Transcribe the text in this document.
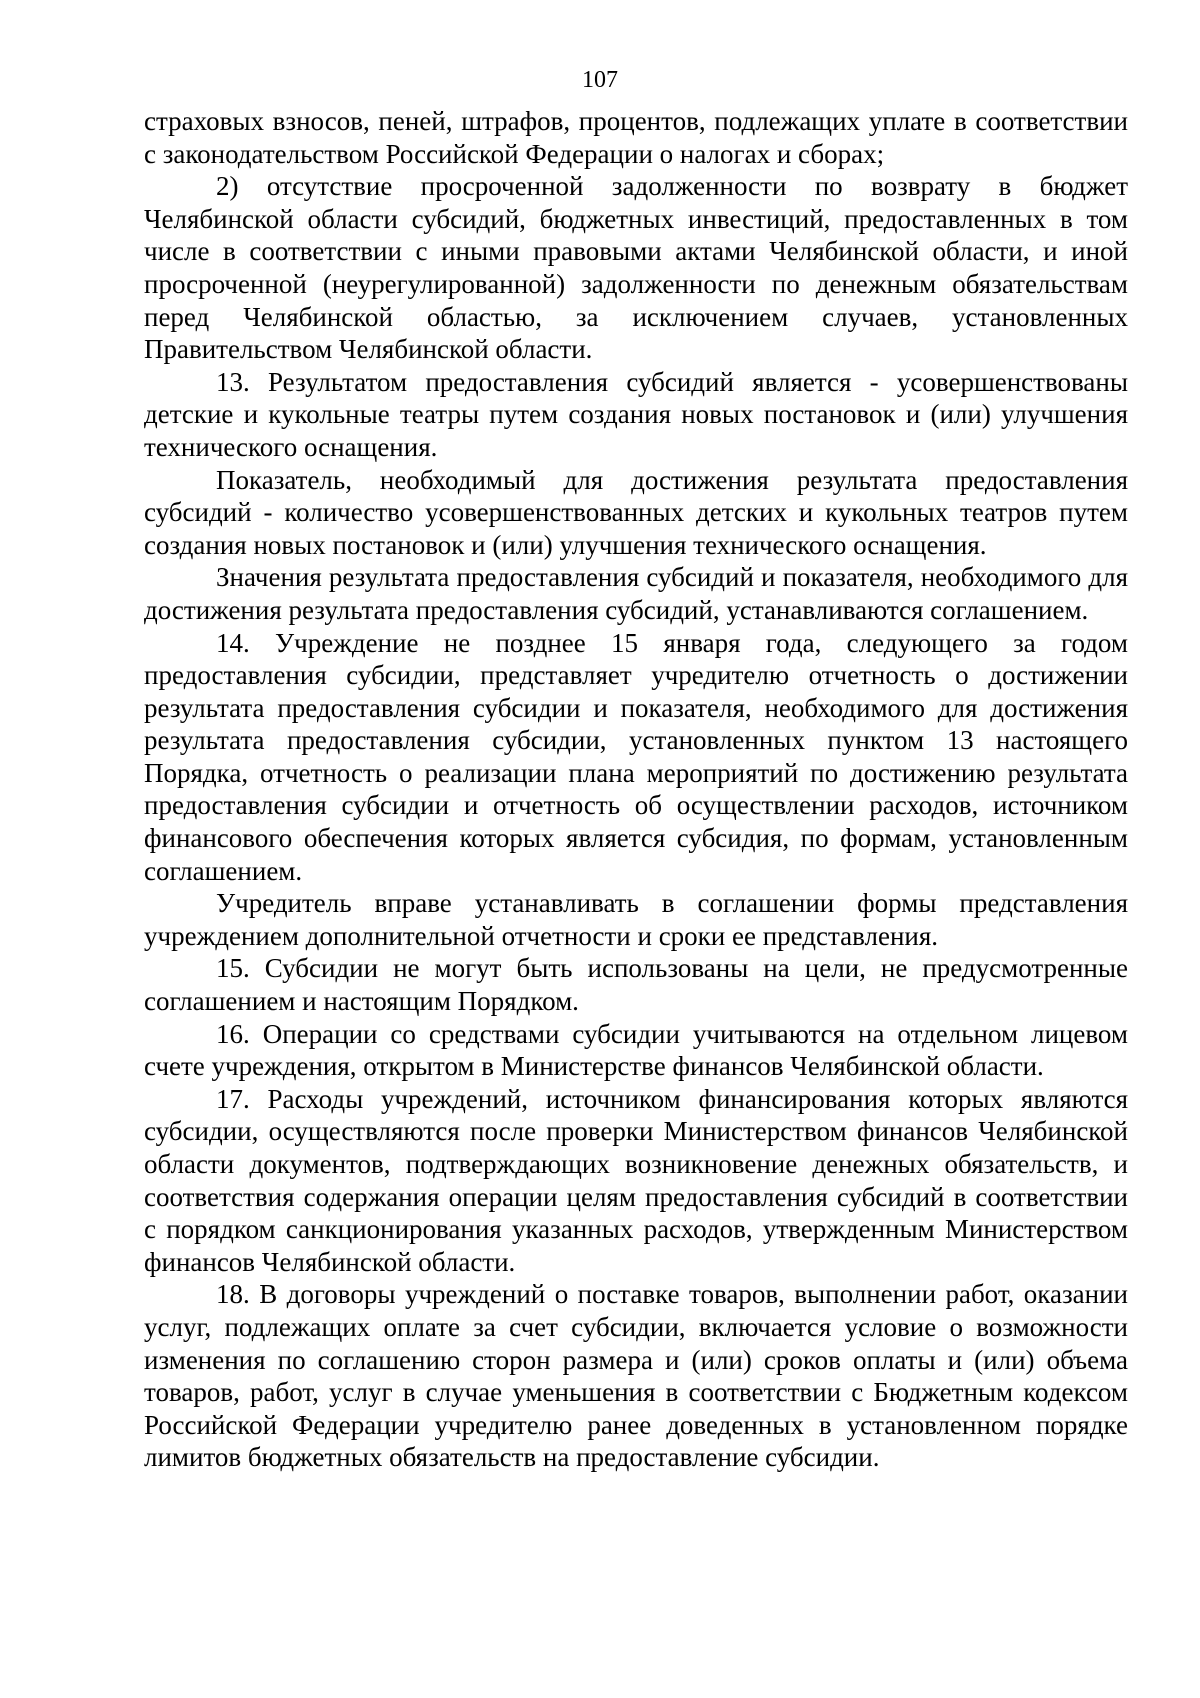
107

страховых взносов, пеней, штрафов, процентов, подлежащих уплате в соответствии с законодательством Российской Федерации о налогах и сборах;

2) отсутствие просроченной задолженности по возврату в бюджет Челябинской области субсидий, бюджетных инвестиций, предоставленных в том числе в соответствии с иными правовыми актами Челябинской области, и иной просроченной (неурегулированной) задолженности по денежным обязательствам перед Челябинской областью, за исключением случаев, установленных Правительством Челябинской области.

13. Результатом предоставления субсидий является - усовершенствованы детские и кукольные театры путем создания новых постановок и (или) улучшения технического оснащения.

Показатель, необходимый для достижения результата предоставления субсидий - количество усовершенствованных детских и кукольных театров путем создания новых постановок и (или) улучшения технического оснащения.

Значения результата предоставления субсидий и показателя, необходимого для достижения результата предоставления субсидий, устанавливаются соглашением.

14. Учреждение не позднее 15 января года, следующего за годом предоставления субсидии, представляет учредителю отчетность о достижении результата предоставления субсидии и показателя, необходимого для достижения результата предоставления субсидии, установленных пунктом 13 настоящего Порядка, отчетность о реализации плана мероприятий по достижению результата предоставления субсидии и отчетность об осуществлении расходов, источником финансового обеспечения которых является субсидия, по формам, установленным соглашением.

Учредитель вправе устанавливать в соглашении формы представления учреждением дополнительной отчетности и сроки ее представления.

15. Субсидии не могут быть использованы на цели, не предусмотренные соглашением и настоящим Порядком.

16. Операции со средствами субсидии учитываются на отдельном лицевом счете учреждения, открытом в Министерстве финансов Челябинской области.

17. Расходы учреждений, источником финансирования которых являются субсидии, осуществляются после проверки Министерством финансов Челябинской области документов, подтверждающих возникновение денежных обязательств, и соответствия содержания операции целям предоставления субсидий в соответствии с порядком санкционирования указанных расходов, утвержденным Министерством финансов Челябинской области.

18. В договоры учреждений о поставке товаров, выполнении работ, оказании услуг, подлежащих оплате за счет субсидии, включается условие о возможности изменения по соглашению сторон размера и (или) сроков оплаты и (или) объема товаров, работ, услуг в случае уменьшения в соответствии с Бюджетным кодексом Российской Федерации учредителю ранее доведенных в установленном порядке лимитов бюджетных обязательств на предоставление субсидии.
